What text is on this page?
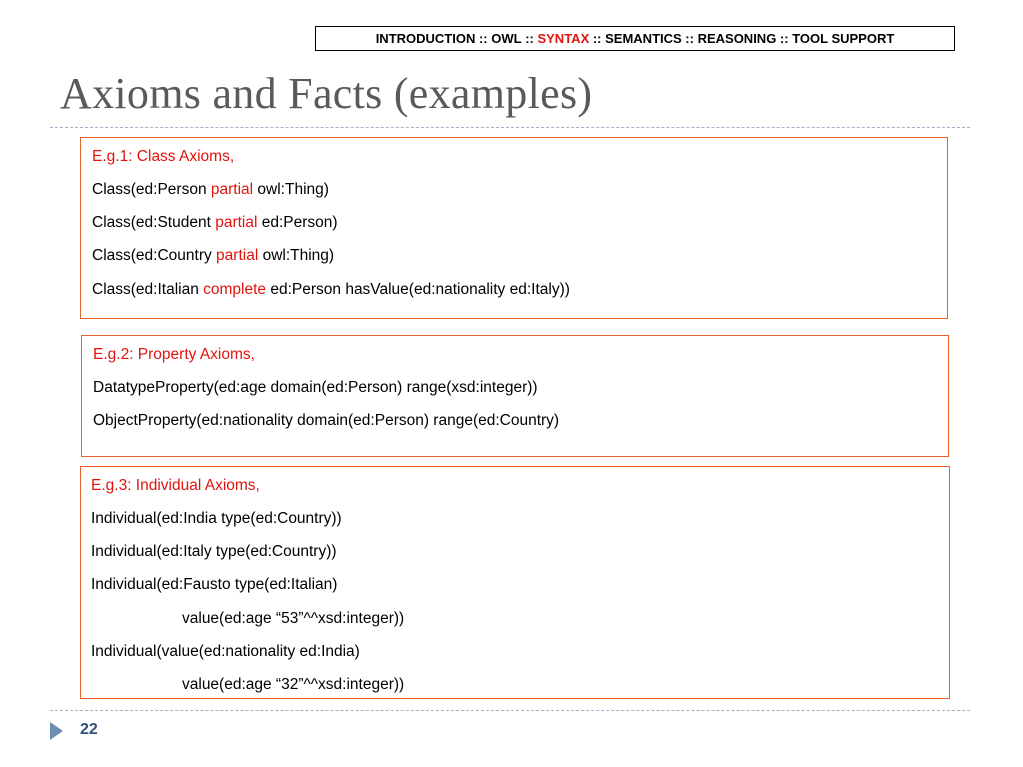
INTRODUCTION :: OWL :: SYNTAX :: SEMANTICS :: REASONING :: TOOL SUPPORT
Axioms and Facts (examples)
E.g.1: Class Axioms,
Class(ed:Person partial owl:Thing)
Class(ed:Student partial ed:Person)
Class(ed:Country partial owl:Thing)
Class(ed:Italian complete ed:Person hasValue(ed:nationality ed:Italy))
E.g.2: Property Axioms,
DatatypeProperty(ed:age domain(ed:Person) range(xsd:integer))
ObjectProperty(ed:nationality domain(ed:Person) range(ed:Country)
E.g.3: Individual Axioms,
Individual(ed:India type(ed:Country))
Individual(ed:Italy type(ed:Country))
Individual(ed:Fausto type(ed:Italian)
value(ed:age “53”^^xsd:integer))
Individual(value(ed:nationality ed:India)
value(ed:age “32”^^xsd:integer))
22
